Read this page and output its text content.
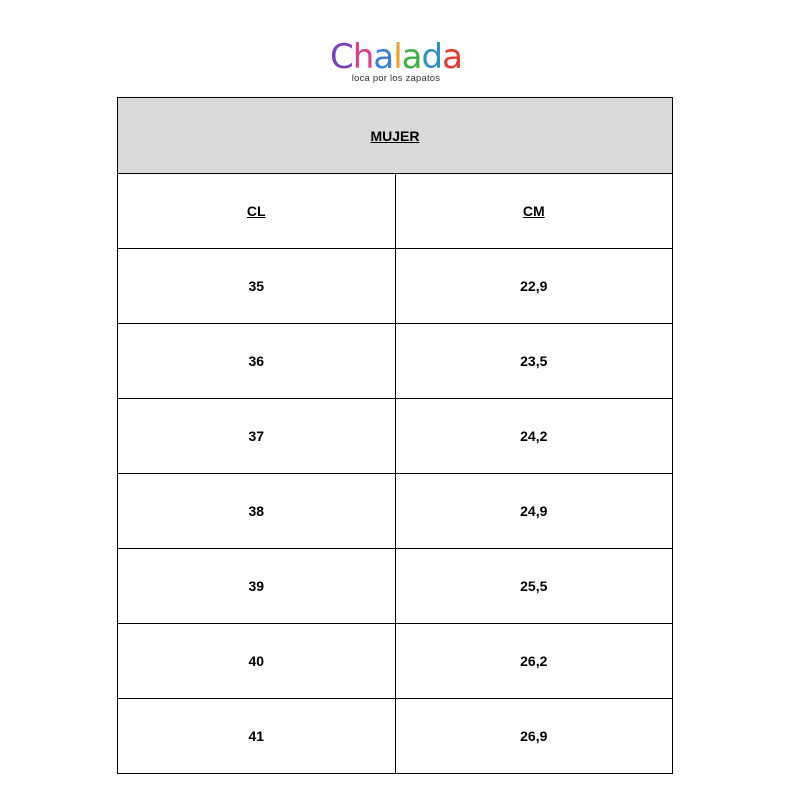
Chalada
loca por los zapatos
MUJER	
CL	CM
35	22,9
36	23,5
37	24,2
38	24,9
39	25,5
40	26,2
41	26,9
